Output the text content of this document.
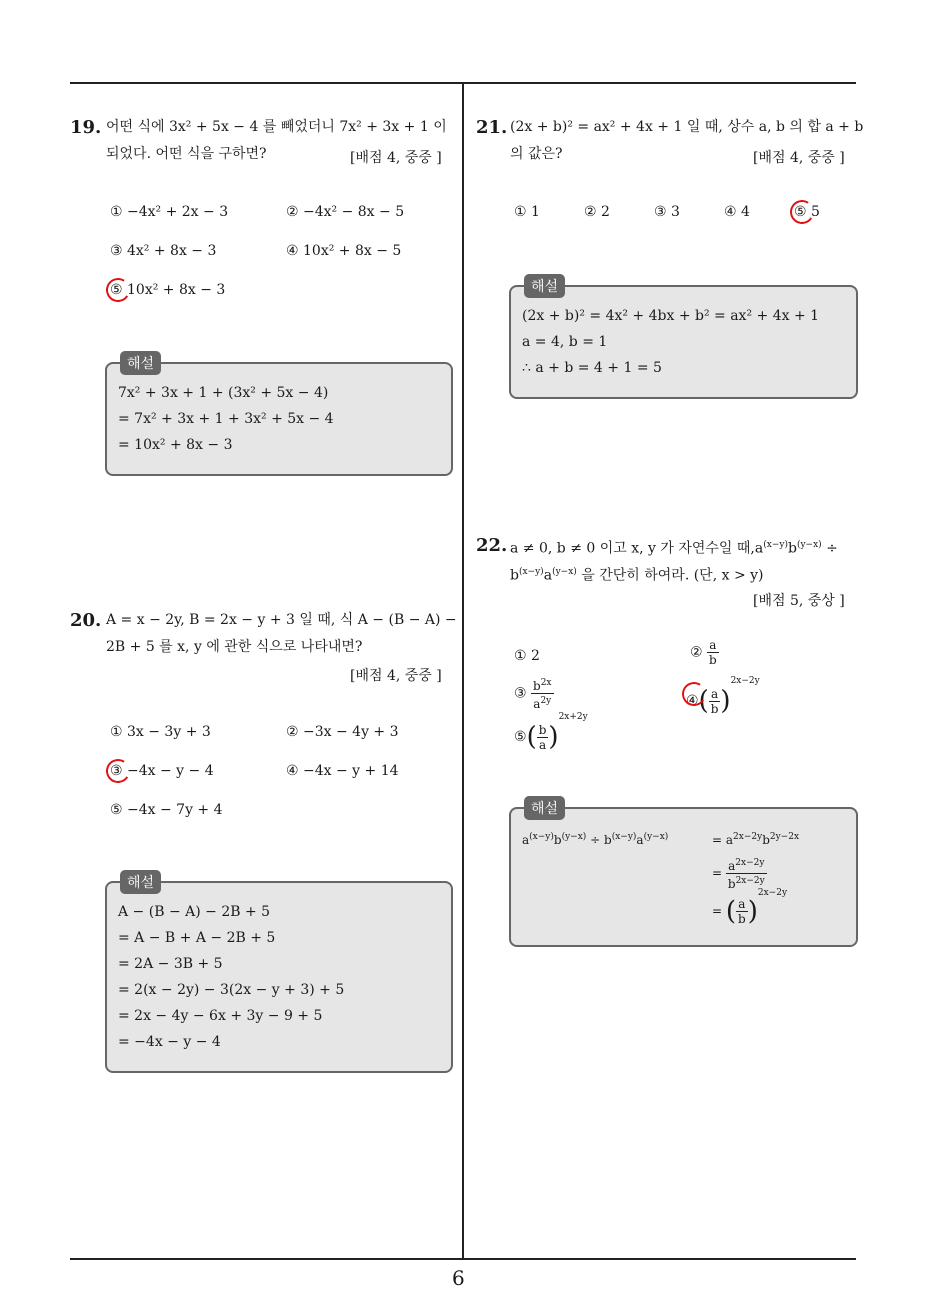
19. 어떤 식에 3x² + 5x − 4 를 빼었더니 7x² + 3x + 1 이
되었다. 어떤 식을 구하면?	[배점 4, 중중 ]
① −4x² + 2x − 3	② −4x² − 8x − 5
③ 4x² + 8x − 3	④ 10x² + 8x − 5
⑤ 10x² + 8x − 3
해설
7x² + 3x + 1 + (3x² + 5x − 4)
= 7x² + 3x + 1 + 3x² + 5x − 4
= 10x² + 8x − 3
20. A = x − 2y, B = 2x − y + 3 일 때, 식 A − (B − A) −
2B + 5 를 x, y 에 관한 식으로 나타내면?
[배점 4, 중중 ]
① 3x − 3y + 3	② −3x − 4y + 3
③ −4x − y − 4	④ −4x − y + 14
⑤ −4x − 7y + 4
해설
A − (B − A) − 2B + 5
= A − B + A − 2B + 5
= 2A − 3B + 5
= 2(x − 2y) − 3(2x − y + 3) + 5
= 2x − 4y − 6x + 3y − 9 + 5
= −4x − y − 4
21. (2x + b)² = ax² + 4x + 1 일 때, 상수 a, b 의 합 a + b
의 값은?	[배점 4, 중중 ]
① 1	② 2	③ 3	④ 4	⑤ 5
해설
(2x + b)² = 4x² + 4bx + b² = ax² + 4x + 1
a = 4, b = 1
∴ a + b = 4 + 1 = 5
22. a ≠ 0, b ≠ 0 이고 x, y 가 자연수일 때$,a^{(x-y)}b^{(y-x)}$ ÷
$b^{(x-y)}a^{(y-x)}$ 을 간단히 하여라. (단, x > y)
[배점 5, 중상 ]
① 2	② $\frac{a}{b}$
③ $\frac{b^{2x}}{a^{2y}}$	④( $\frac{a}{b} )^{2x-2y}$
⑤( $\frac{b}{a} )^{2x+2y}$
해설
$a^{(x-y)}b^{(y-x)} \div b^{(x-y)}a^{(y-x)}$	= $a^{2x-2y}b^{2y-2x}$
= $\frac{a^{2x-2y}}{b^{2x-2y}}$
= ( $\frac{a}{b} )^{2x-2y}$
6
